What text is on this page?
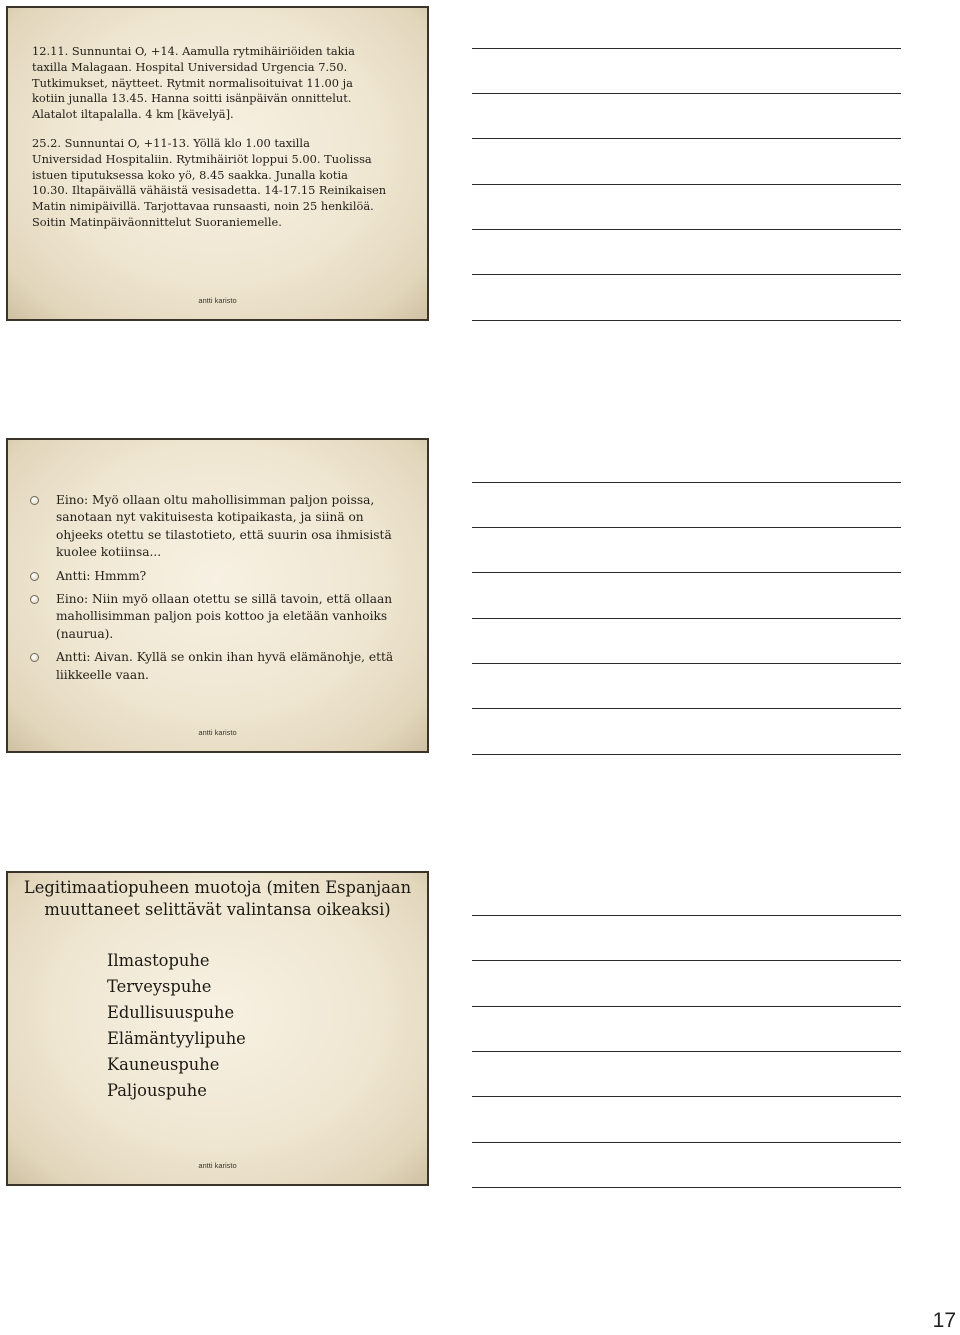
12.11. Sunnuntai O, +14. Aamulla rytmihäiriöiden takia
taxilla Malagaan. Hospital Universidad Urgencia 7.50.
Tutkimukset, näytteet. Rytmit normalisoituivat 11.00 ja
kotiin junalla 13.45. Hanna soitti isänpäivän onnittelut.
Alatalot iltapalalla. 4 km [kävelyä].

25.2. Sunnuntai O, +11-13. Yöllä klo 1.00 taxilla
Universidad Hospitaliin. Rytmihäiriöt loppui 5.00. Tuolissa
istuen tiputuksessa koko yö, 8.45 saakka. Junalla kotia
10.30. Iltapäivällä vähäistä vesisadetta. 14-17.15 Reinikaisen
Matin nimipäivillä. Tarjottavaa runsaasti, noin 25 henkilöä.
Soitin Matinpäiväonnittelut Suoraniemelle.

antti karisto
Eino: Myö ollaan oltu mahollisimman paljon poissa,
sanotaan nyt vakituisesta kotipaikasta, ja siinä on
ohjeeks otettu se tilastotieto, että suurin osa ihmisistä
kuolee kotiinsa...
Antti: Hmmm?
Eino: Niin myö ollaan otettu se sillä tavoin, että ollaan
mahollisimman paljon pois kottoo ja eletään vanhoiks
(naurua).
Antti: Aivan. Kyllä se onkin ihan hyvä elämänohje, että
liikkeelle vaan.
antti karisto
Legitimaatiopuheen muotoja (miten Espanjaan
muuttaneet selittävät valintansa oikeaksi)
Ilmastopuhe
Terveyspuhe
Edullisuuspuhe
Elämäntyylipuhe
Kauneuspuhe
Paljouspuhe
antti karisto
17
